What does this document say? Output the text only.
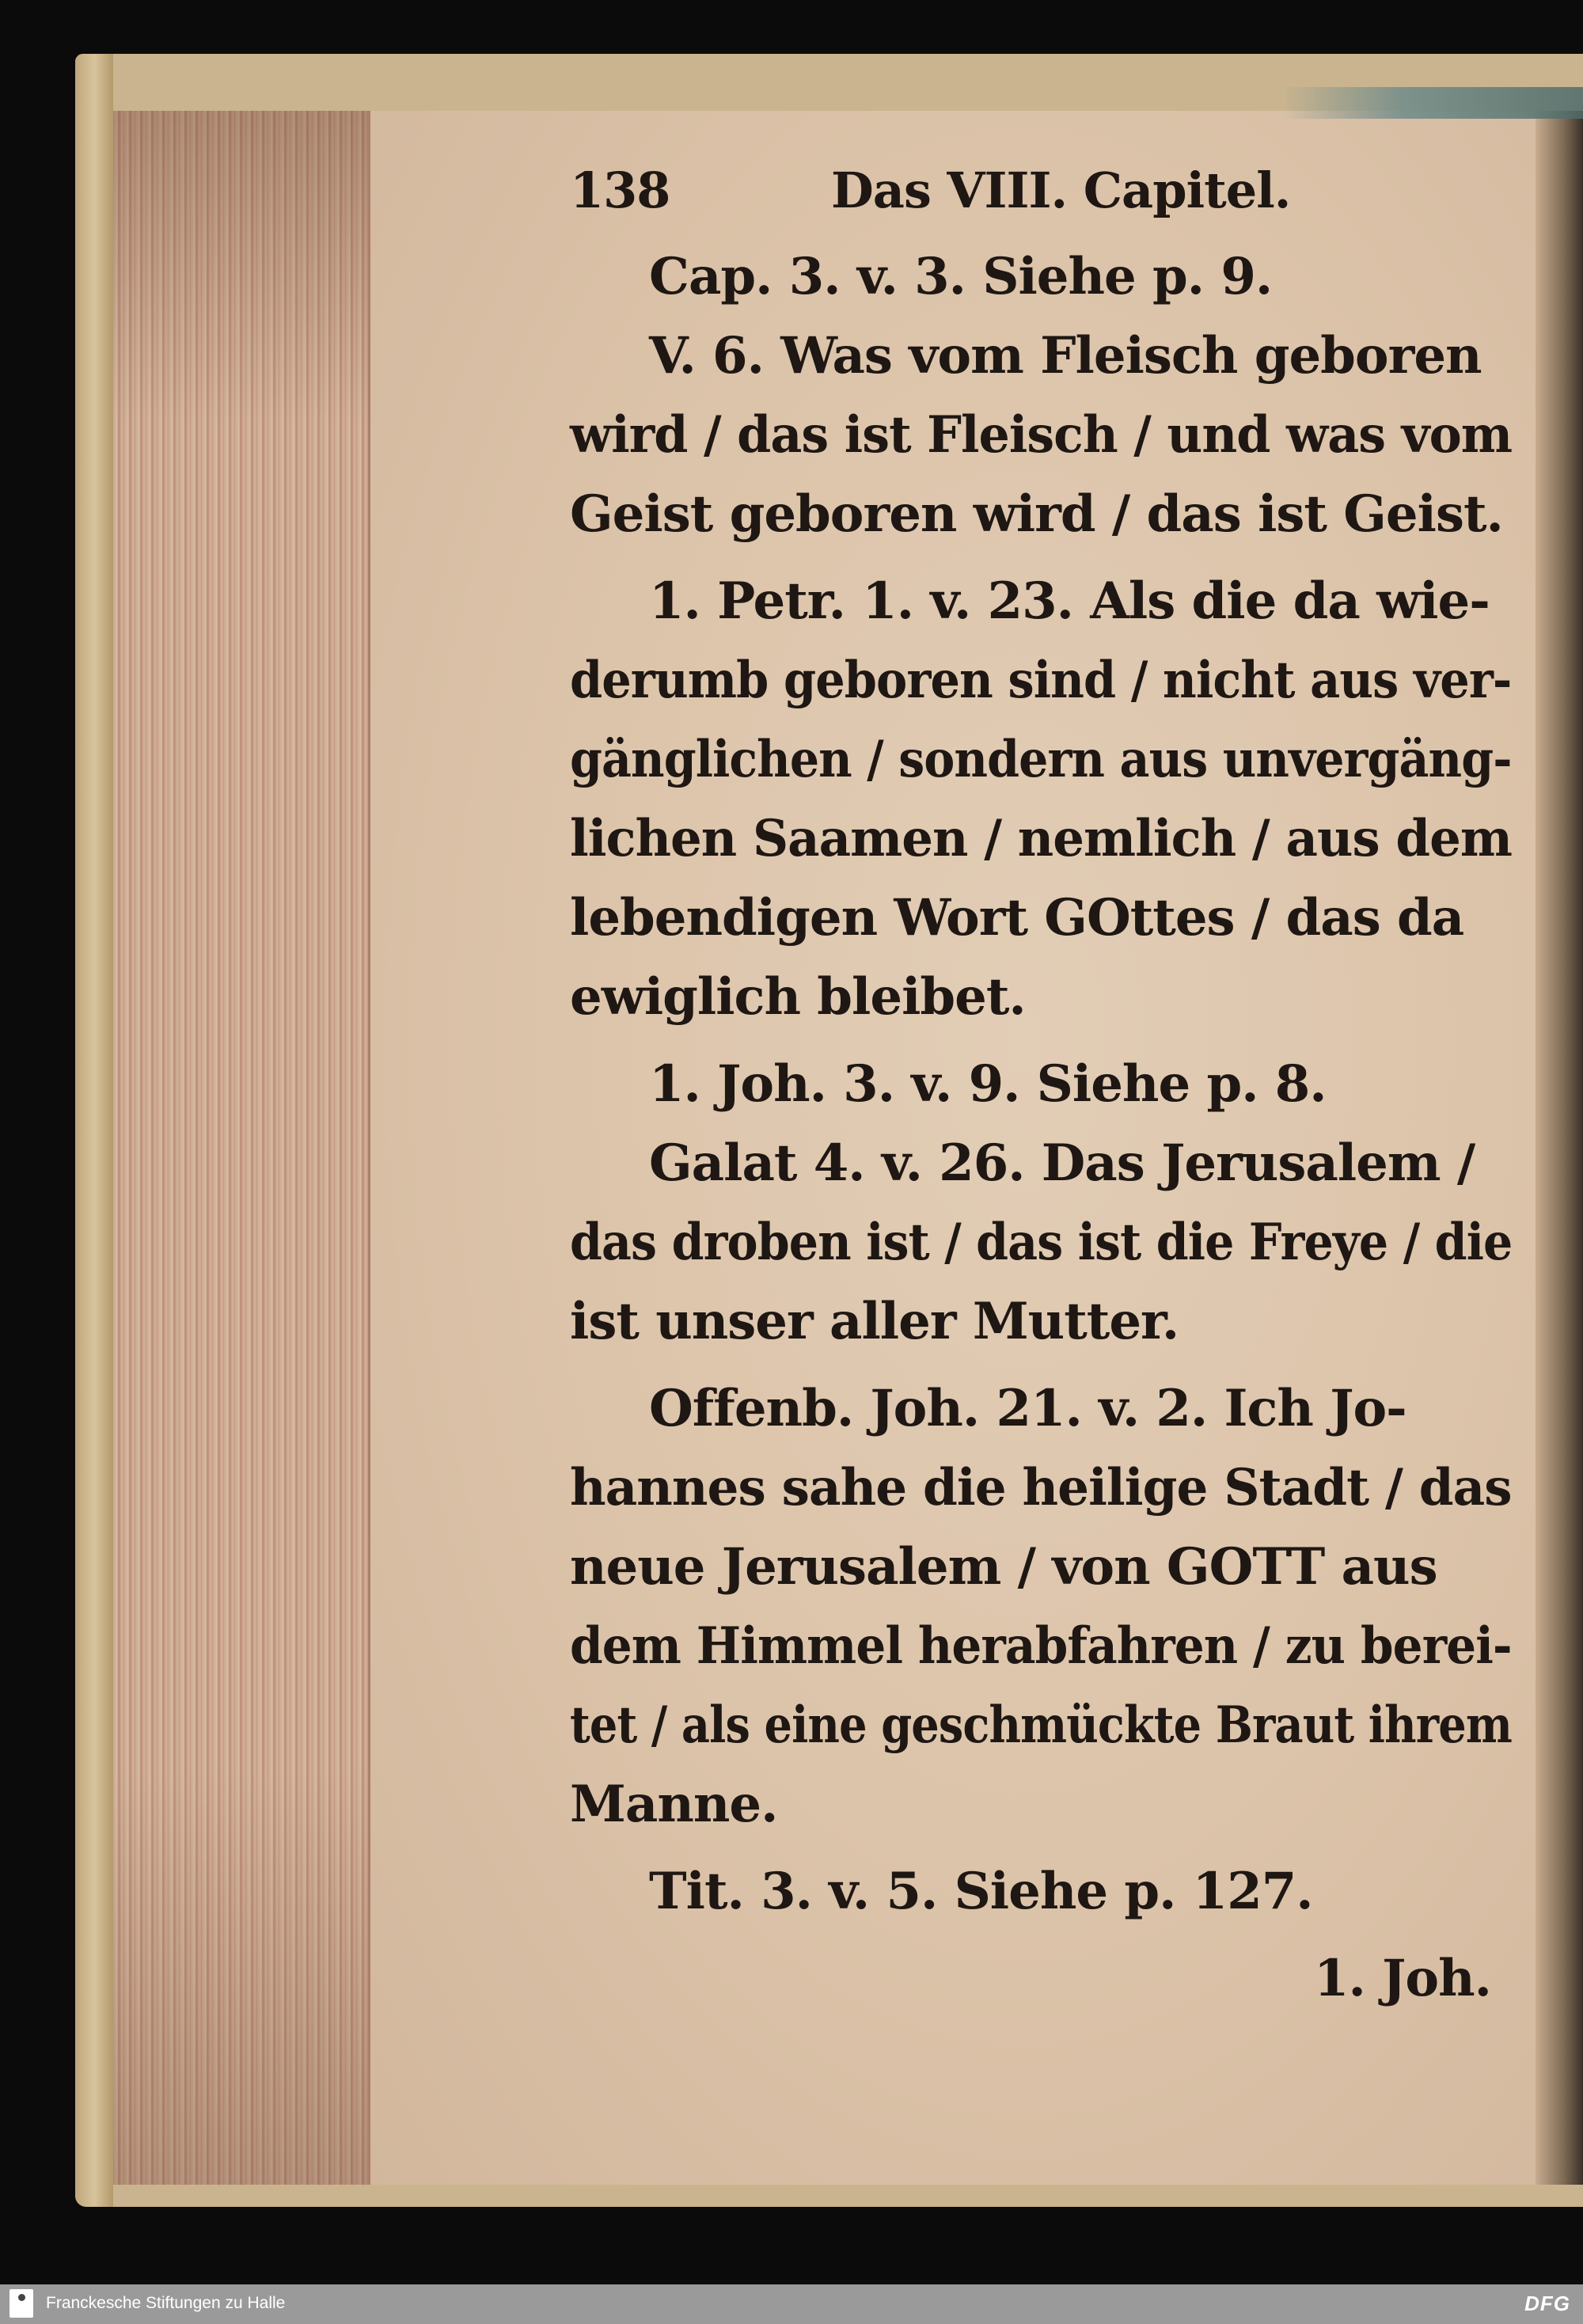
138	Das VIII. Capitel.
Cap. 3. v. 3. Siehe p. 9.
V. 6. Was vom Fleisch geboren
wird / das ist Fleisch / und was vom
Geist geboren wird / das ist Geist.
1. Petr. 1. v. 23. Als die da wie-
derumb geboren sind / nicht aus ver-
gänglichen / sondern aus unvergäng-
lichen Saamen / nemlich / aus dem
lebendigen Wort GOttes / das da
ewiglich bleibet.
1. Joh. 3. v. 9. Siehe p. 8.
Galat 4. v. 26. Das Jerusalem /
das droben ist / das ist die Freye / die
ist unser aller Mutter.
Offenb. Joh. 21. v. 2. Ich Jo-
hannes sahe die heilige Stadt / das
neue Jerusalem / von GOTT aus
dem Himmel herabfahren / zu berei-
tet / als eine geschmückte Braut ihrem
Manne.
Tit. 3. v. 5. Siehe p. 127.
1. Joh.
Franckesche Stiftungen zu Halle	DFG
